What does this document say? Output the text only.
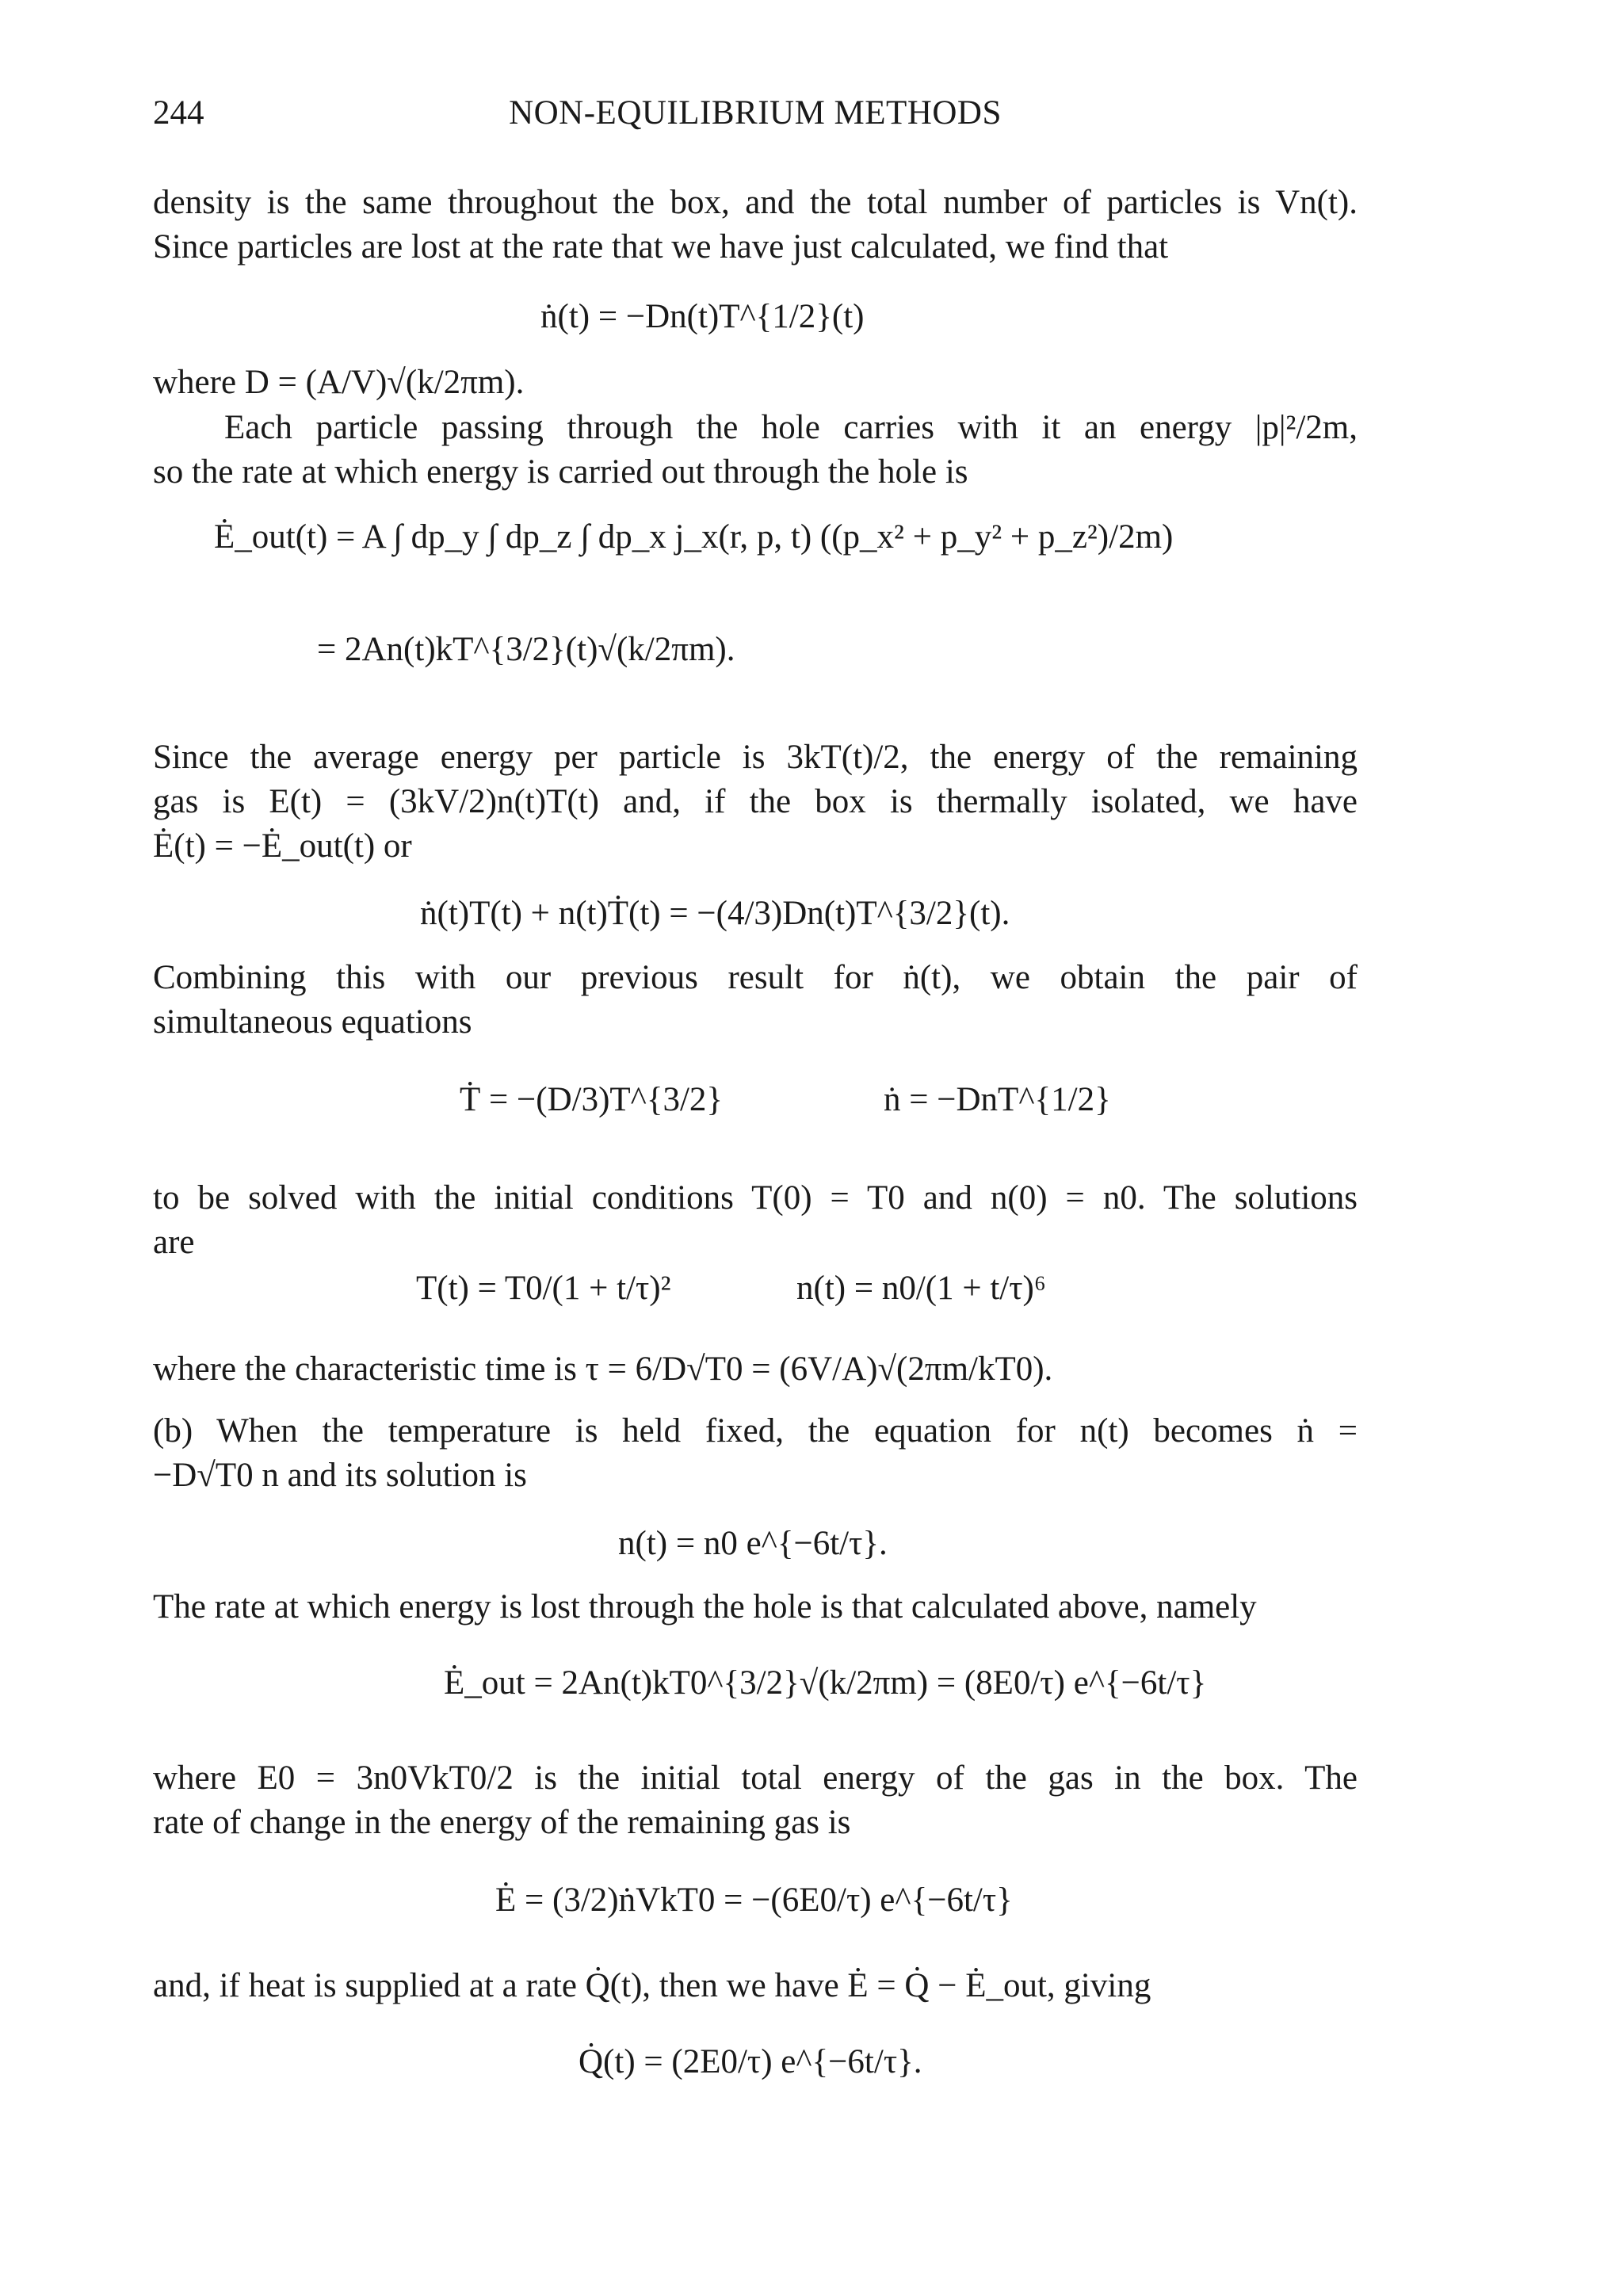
244	NON-EQUILIBRIUM METHODS

density is the same throughout the box, and the total number of particles is Vn(t).

Since particles are lost at the rate that we have just calculated, we find that

ṅ(t) = −Dn(t)T^{1/2}(t)

where D = (A/V)√(k/2πm).

Each particle passing through the hole carries with it an energy |p|²/2m,

so the rate at which energy is carried out through the hole is

Ė_out(t) = A ∫ dp_y ∫ dp_z ∫ dp_x j_x(r, p, t) ((p_x² + p_y² + p_z²)/2m)
= 2An(t)kT^{3/2}(t)√(k/2πm).

Since the average energy per particle is 3kT(t)/2, the energy of the remaining

gas is E(t) = (3kV/2)n(t)T(t) and, if the box is thermally isolated, we have

Ė(t) = −Ė_out(t) or

ṅ(t)T(t) + n(t)Ṫ(t) = −(4/3)Dn(t)T^{3/2}(t).

Combining this with our previous result for ṅ(t), we obtain the pair of

simultaneous equations

Ṫ = −(D/3)T^{3/2}	ṅ = −DnT^{1/2}

to be solved with the initial conditions T(0) = T0 and n(0) = n0. The solutions

are

T(t) = T0/(1 + t/τ)²	n(t) = n0/(1 + t/τ)⁶

where the characteristic time is τ = 6/D√T0 = (6V/A)√(2πm/kT0).

(b) When the temperature is held fixed, the equation for n(t) becomes ṅ =

−D√T0 n and its solution is

n(t) = n0 e^{−6t/τ}.

The rate at which energy is lost through the hole is that calculated above, namely

Ė_out = 2An(t)kT0^{3/2}√(k/2πm) = (8E0/τ) e^{−6t/τ}

where E0 = 3n0VkT0/2 is the initial total energy of the gas in the box. The

rate of change in the energy of the remaining gas is

Ė = (3/2)ṅVkT0 = −(6E0/τ) e^{−6t/τ}

and, if heat is supplied at a rate Q̇(t), then we have Ė = Q̇ − Ė_out, giving

Q̇(t) = (2E0/τ) e^{−6t/τ}.
